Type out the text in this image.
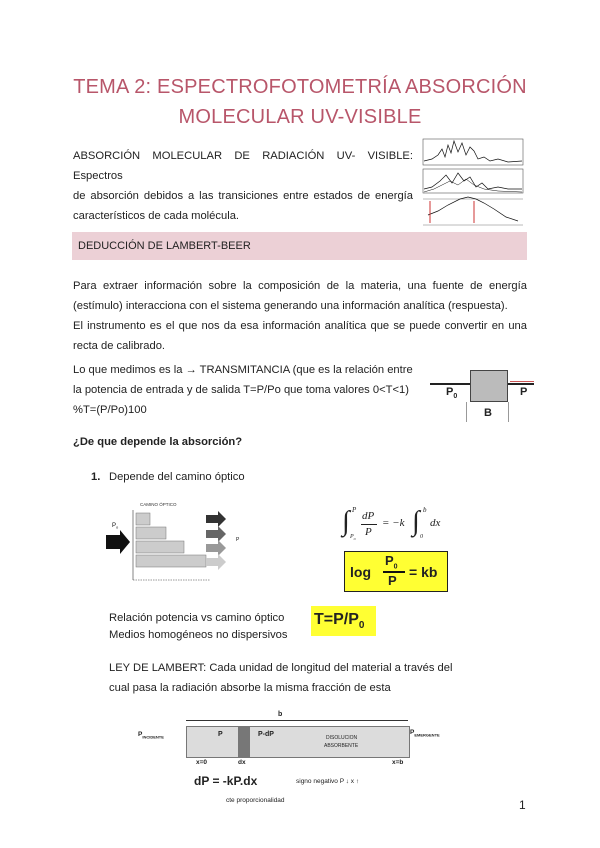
TEMA 2: ESPECTROFOTOMETRÍA ABSORCIÓN
MOLECULAR UV-VISIBLE
ABSORCIÓN MOLECULAR DE RADIACIÓN UV- VISIBLE: Espectros
de absorción debidos a las transiciones entre estados de energía
característicos de cada molécula.
DEDUCCIÓN DE LAMBERT-BEER
Para extraer información sobre la composición de la materia, una fuente de energía
(estímulo) interacciona con el sistema generando una información analítica (respuesta).
El instrumento es el que nos da esa información analítica que se puede convertir en una
recta de calibrado.
Lo que medimos es la → TRANSMITANCIA (que es la relación entre
la potencia de entrada y de salida T=P/Po que toma valores 0<T<1)
%T=(P/Po)100
$P_0$	P
B
¿De que depende la absorción?
1. Depende del camino óptico
CAMINO ÓPTICO
$P_o$
P
∫ P
$P_o$
dP
P
= −k ∫ b
0
dx
log
$P_0$
P
= kb
Relación potencia vs camino óptico
Medios homogéneos no dispersivos
$T=P/P_0$
LEY DE LAMBERT: Cada unidad de longitud del material a través del
cual pasa la radiación absorbe la misma fracción de esta
b
$P_{INCIDENTE}$	P	P-dP	DISOLUCION
ABSORBENTE
$P_{EMERGENTE}$
x=0	dx	x=b
dP = -kP.dx	signo negativo P ↓ x ↑
cte proporcionalidad	1
